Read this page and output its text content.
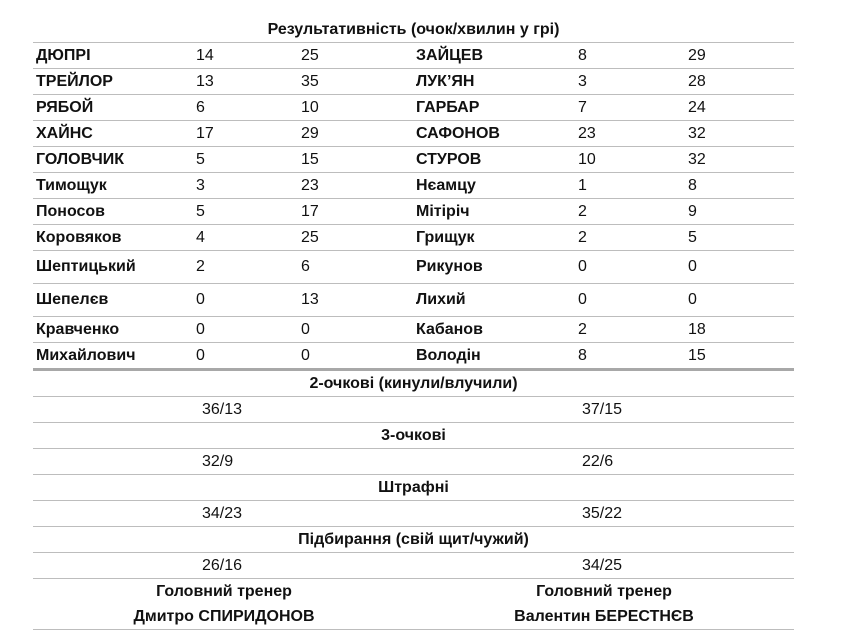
Результативність (очок/хвилин у грі)
ДЮПРІ	14	25	ЗАЙЦЕВ	8	29
ТРЕЙЛОР	13	35	ЛУК’ЯН	3	28
РЯБОЙ	6	10	ГАРБАР	7	24
ХАЙНС	17	29	САФОНОВ	23	32
ГОЛОВЧИК	5	15	СТУРОВ	10	32
Тимощук	3	23	Нєамцу	1	8
Поносов	5	17	Мітіріч	2	9
Коровяков	4	25	Грищук	2	5
Шептицький	2	6	Рикунов	0	0
Шепелєв	0	13	Лихий	0	0
Кравченко	0	0	Кабанов	2	18
Михайлович	0	0	Володін	8	15
2-очкові (кинули/влучили)
36/13	37/15
3-очкові
32/9	22/6
Штрафні
34/23	35/22
Підбирання (свій щит/чужий)
26/16	34/25
Головний тренер	Головний тренер
Дмитро СПИРИДОНОВ	Валентин БЕРЕСТНЄВ
